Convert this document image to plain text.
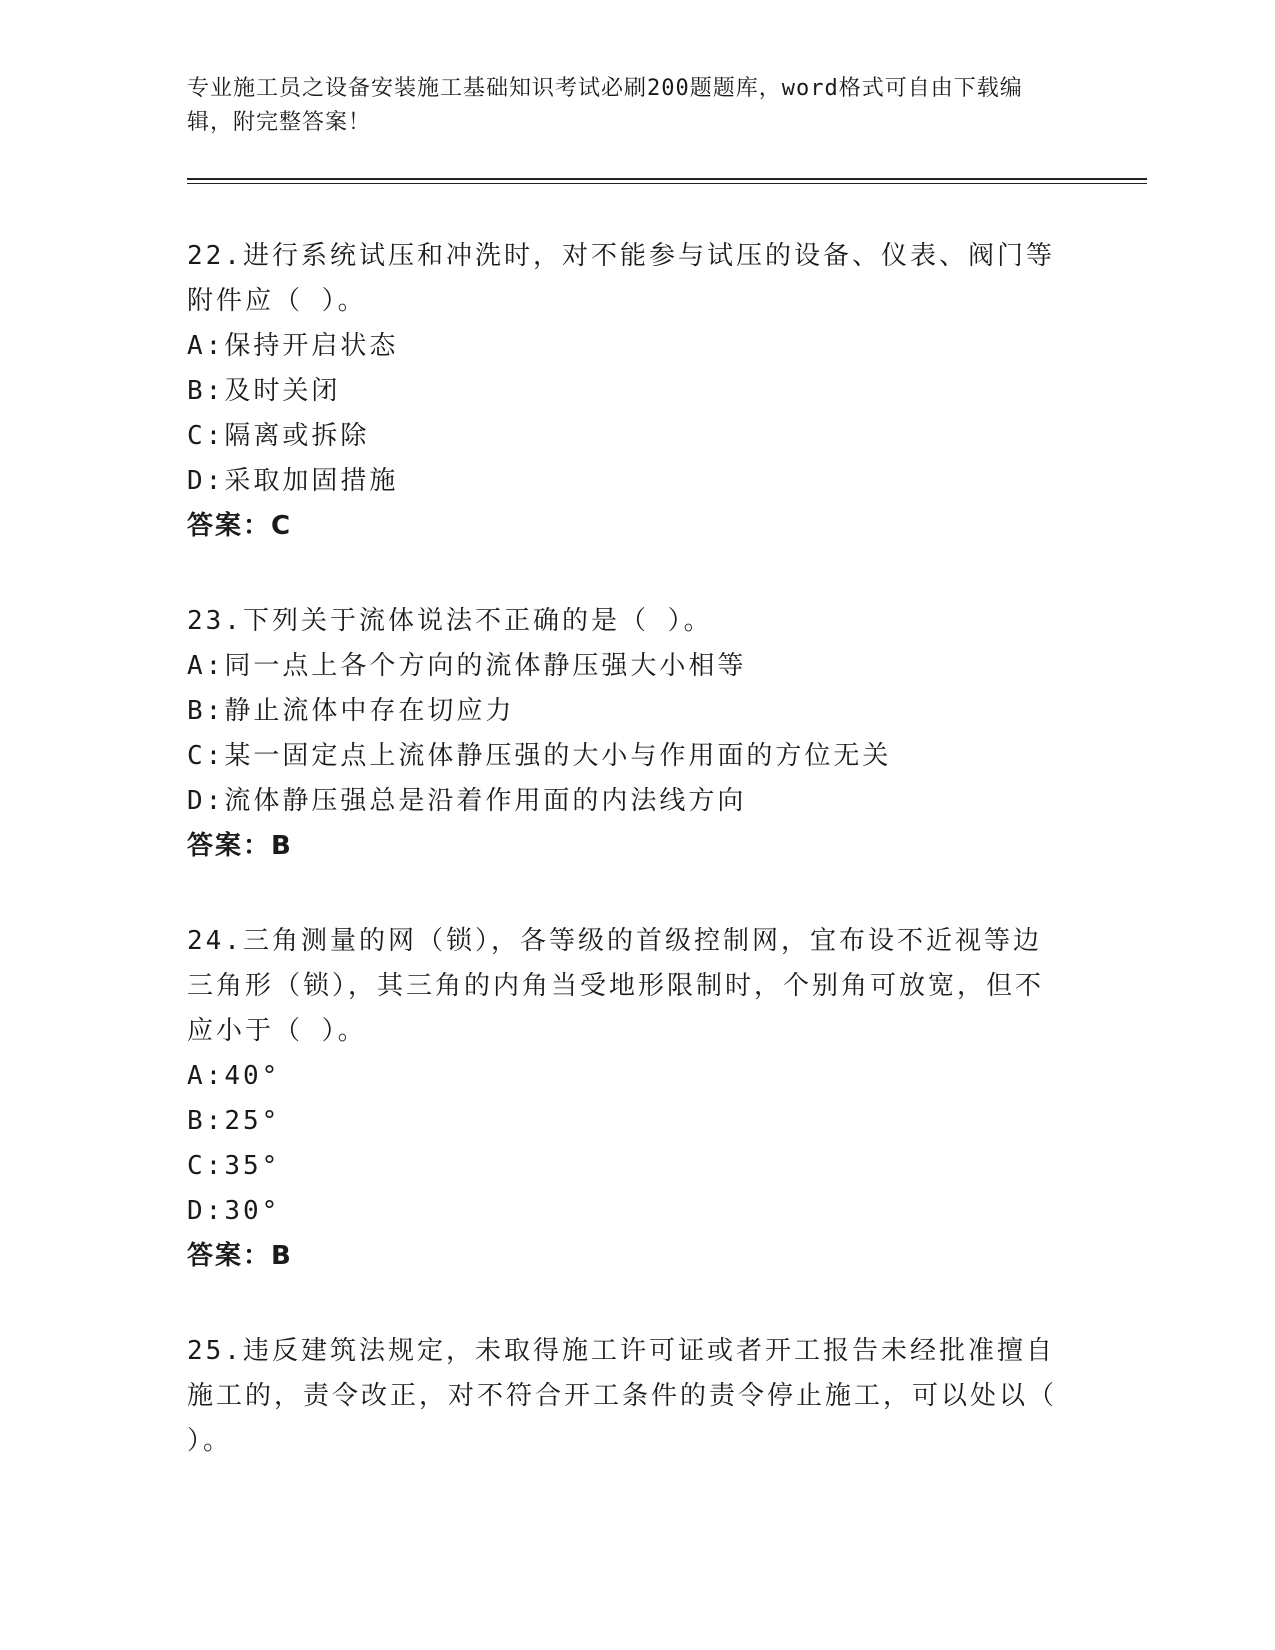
专业施工员之设备安装施工基础知识考试必刷200题题库，word格式可自由下载编辑，附完整答案！
22.进行系统试压和冲洗时，对不能参与试压的设备、仪表、阀门等附件应（ ）。
A: 保持开启状态
B: 及时关闭
C: 隔离或拆除
D: 采取加固措施
答案：C
23.下列关于流体说法不正确的是（ ）。
A: 同一点上各个方向的流体静压强大小相等
B: 静止流体中存在切应力
C: 某一固定点上流体静压强的大小与作用面的方位无关
D: 流体静压强总是沿着作用面的内法线方向
答案：B
24.三角测量的网（锁），各等级的首级控制网，宜布设不近视等边三角形（锁），其三角的内角当受地形限制时，个别角可放宽，但不应小于（ ）。
A: 40°
B: 25°
C: 35°
D: 30°
答案：B
25.违反建筑法规定，未取得施工许可证或者开工报告未经批准擅自施工的，责令改正，对不符合开工条件的责令停止施工，可以处以（ ）。
